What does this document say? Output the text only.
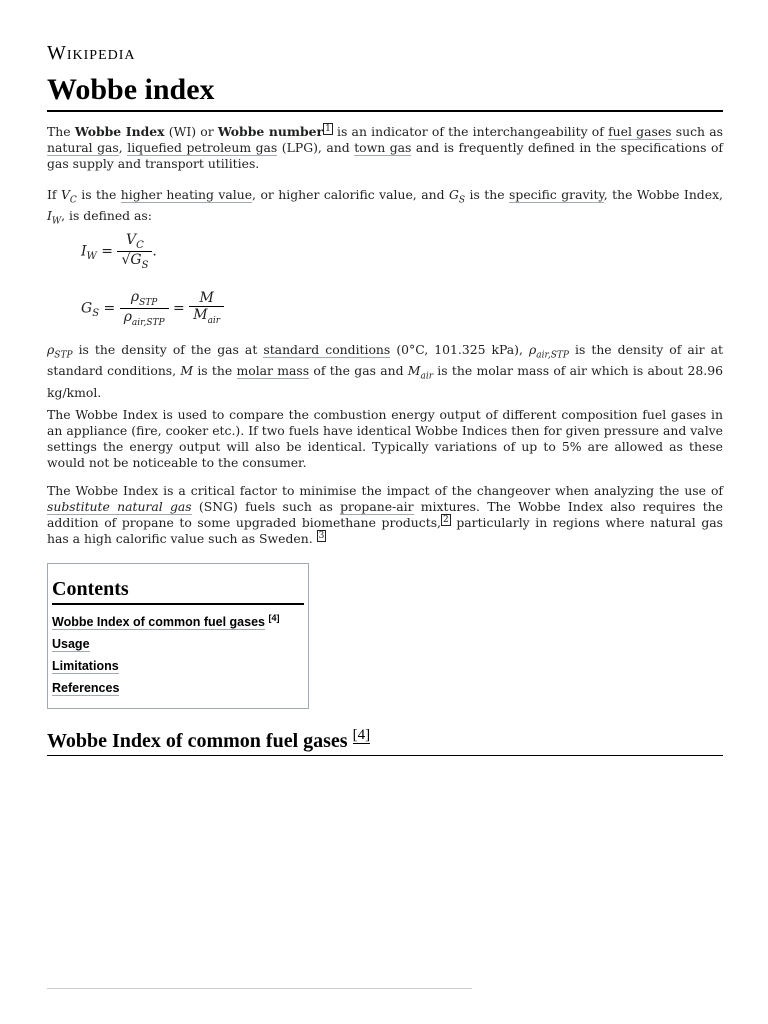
Wikipedia
Wobbe index

The Wobbe Index (WI) or Wobbe number $^1$ is an indicator of the interchangeability of fuel gases such as natural gas, liquefied petroleum gas (LPG), and town gas and is frequently defined in the specifications of gas supply and transport utilities.

If $V_C$ is the higher heating value, or higher calorific value, and $G_S$ is the specific gravity, the Wobbe Index, $I_W$, is defined as:

$I_W = \frac{V_C}{√G_S}$ .
$G_S = \frac{\rho_{STP}}{\rho_{air,STP}} = \frac{M}{M_{air}}$

$\rho_{STP}$ is the density of the gas at standard conditions (0°C, 101.325 kPa), $\rho_{air,STP}$ is the density of air at standard conditions, M is the molar mass of the gas and $M_{air}$ is the molar mass of air which is about 28.96 kg/kmol.

The Wobbe Index is used to compare the combustion energy output of different composition fuel gases in an appliance (fire, cooker etc.). If two fuels have identical Wobbe Indices then for given pressure and valve settings the energy output will also be identical. Typically variations of up to 5% are allowed as these would not be noticeable to the consumer.

The Wobbe Index is a critical factor to minimise the impact of the changeover when analyzing the use of substitute natural gas (SNG) fuels such as propane-air mixtures. The Wobbe Index also requires the addition of propane to some upgraded biomethane products, $^2$ particularly in regions where natural gas has a high calorific value such as Sweden. $^3$

Contents
Wobbe Index of common fuel gases [4]
Usage
Limitations
References
Wobbe Index of common fuel gases [4]
